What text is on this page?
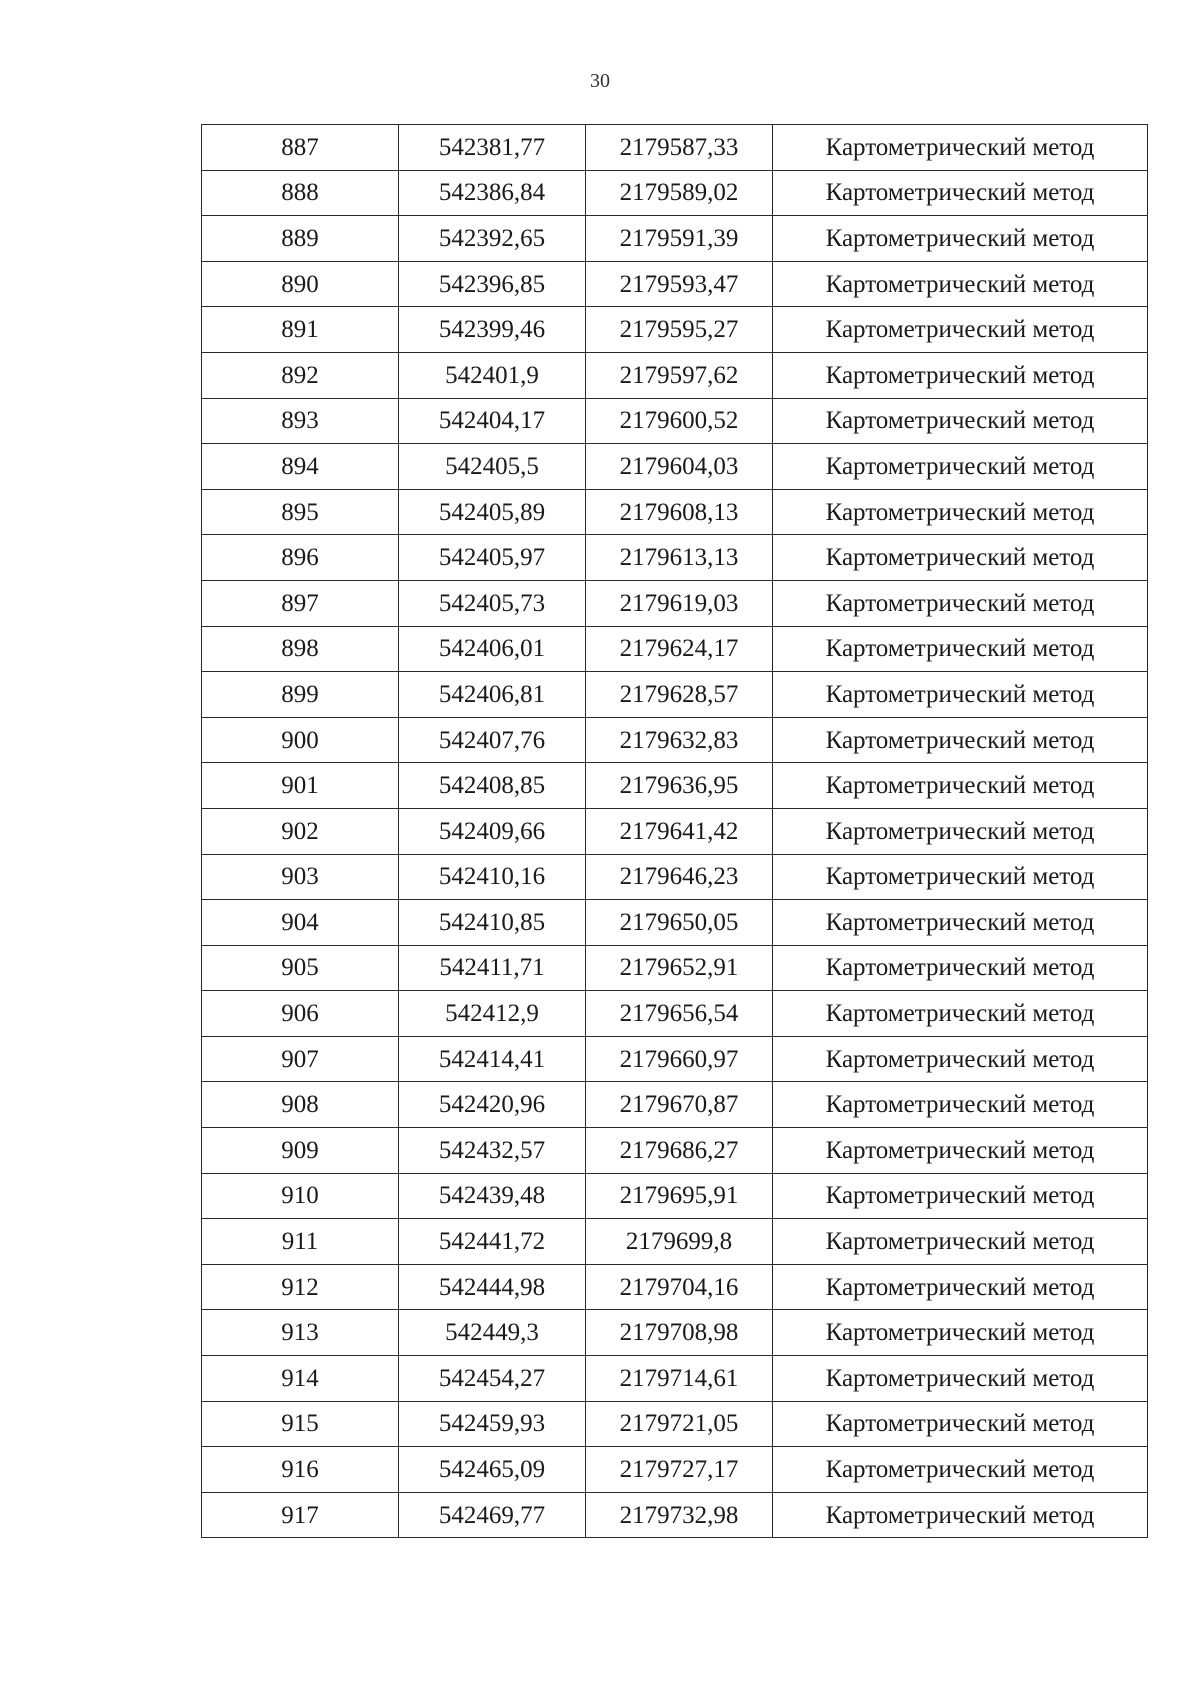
30
887	542381,77	2179587,33	Картометрический метод
888	542386,84	2179589,02	Картометрический метод
889	542392,65	2179591,39	Картометрический метод
890	542396,85	2179593,47	Картометрический метод
891	542399,46	2179595,27	Картометрический метод
892	542401,9	2179597,62	Картометрический метод
893	542404,17	2179600,52	Картометрический метод
894	542405,5	2179604,03	Картометрический метод
895	542405,89	2179608,13	Картометрический метод
896	542405,97	2179613,13	Картометрический метод
897	542405,73	2179619,03	Картометрический метод
898	542406,01	2179624,17	Картометрический метод
899	542406,81	2179628,57	Картометрический метод
900	542407,76	2179632,83	Картометрический метод
901	542408,85	2179636,95	Картометрический метод
902	542409,66	2179641,42	Картометрический метод
903	542410,16	2179646,23	Картометрический метод
904	542410,85	2179650,05	Картометрический метод
905	542411,71	2179652,91	Картометрический метод
906	542412,9	2179656,54	Картометрический метод
907	542414,41	2179660,97	Картометрический метод
908	542420,96	2179670,87	Картометрический метод
909	542432,57	2179686,27	Картометрический метод
910	542439,48	2179695,91	Картометрический метод
911	542441,72	2179699,8	Картометрический метод
912	542444,98	2179704,16	Картометрический метод
913	542449,3	2179708,98	Картометрический метод
914	542454,27	2179714,61	Картометрический метод
915	542459,93	2179721,05	Картометрический метод
916	542465,09	2179727,17	Картометрический метод
917	542469,77	2179732,98	Картометрический метод
